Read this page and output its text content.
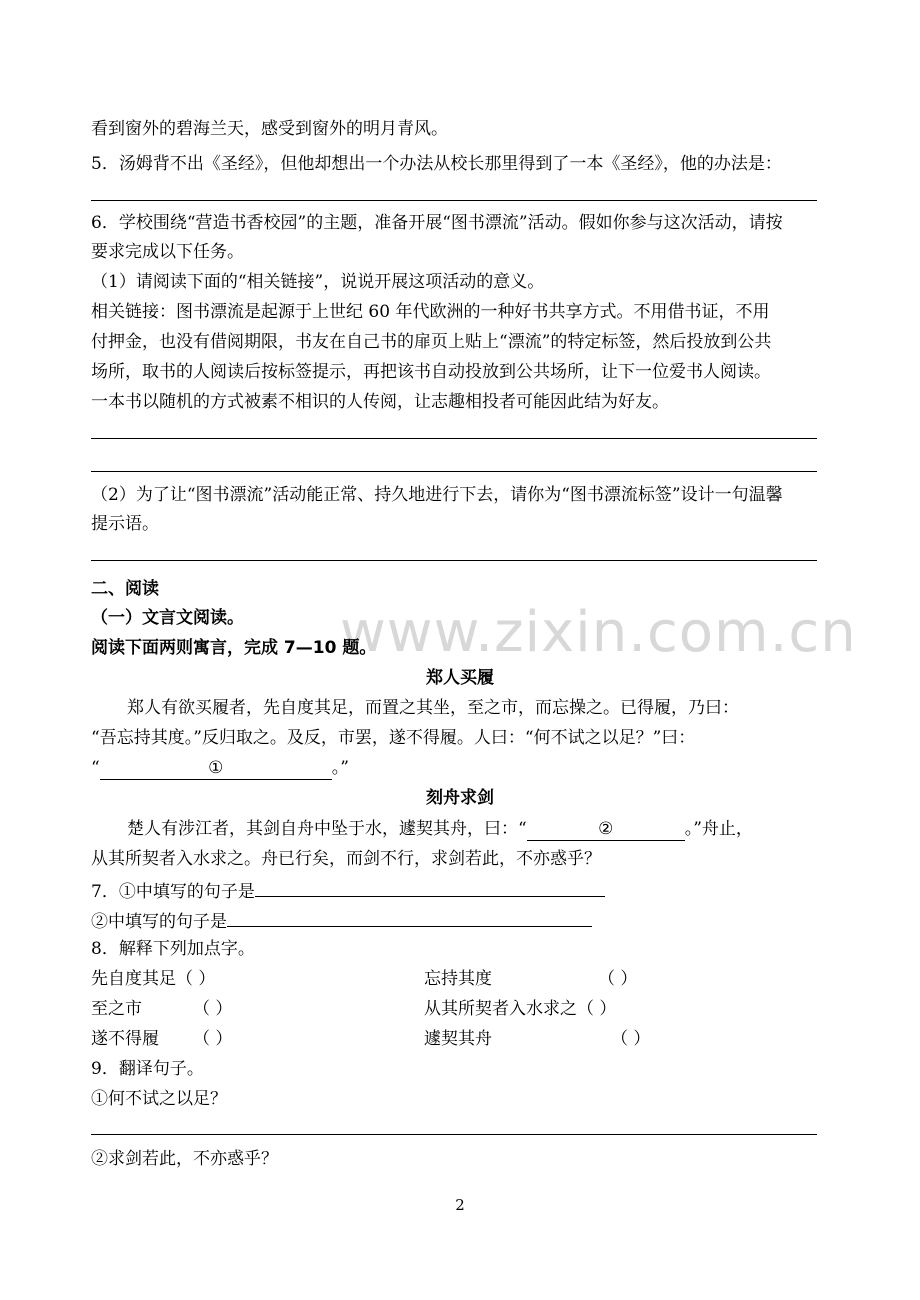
www.zixin.com.cn
看到窗外的碧海兰天，感受到窗外的明月青风。
5．汤姆背不出《圣经》，但他却想出一个办法从校长那里得到了一本《圣经》，他的办法是：
6．学校围绕“营造书香校园”的主题，准备开展“图书漂流”活动。假如你参与这次活动，请按
要求完成以下任务。
（1）请阅读下面的“相关链接”，说说开展这项活动的意义。
相关链接：图书漂流是起源于上世纪 60 年代欧洲的一种好书共享方式。不用借书证，不用
付押金，也没有借阅期限，书友在自己书的扉页上贴上“漂流”的特定标签，然后投放到公共
场所，取书的人阅读后按标签提示，再把该书自动投放到公共场所，让下一位爱书人阅读。
一本书以随机的方式被素不相识的人传阅，让志趣相投者可能因此结为好友。
（2）为了让“图书漂流”活动能正常、持久地进行下去，请你为“图书漂流标签”设计一句温馨
提示语。
二、阅读
（一）文言文阅读。
阅读下面两则寓言，完成 7—10 题。
郑人买履
郑人有欲买履者，先自度其足，而置之其坐，至之市，而忘操之。已得履，乃曰：
“吾忘持其度。”反归取之。及反，市罢，遂不得履。人曰：“何不试之以足？”曰：
“	①	。”
刻舟求剑
楚人有涉江者，其剑自舟中坠于水，遽契其舟，曰：“	②	。”舟止，
从其所契者入水求之。舟已行矣，而剑不行，求剑若此，不亦惑乎？
7．①中填写的句子是
②中填写的句子是
8．解释下列加点字。
先自度其足（ ）	忘持其度	（ ）
至之市	（ ）	从其所契者入水求之（ ）
遂不得履 （ ）	遽契其舟	（ ）
9．翻译句子。
①何不试之以足？
②求剑若此，不亦惑乎？
2
